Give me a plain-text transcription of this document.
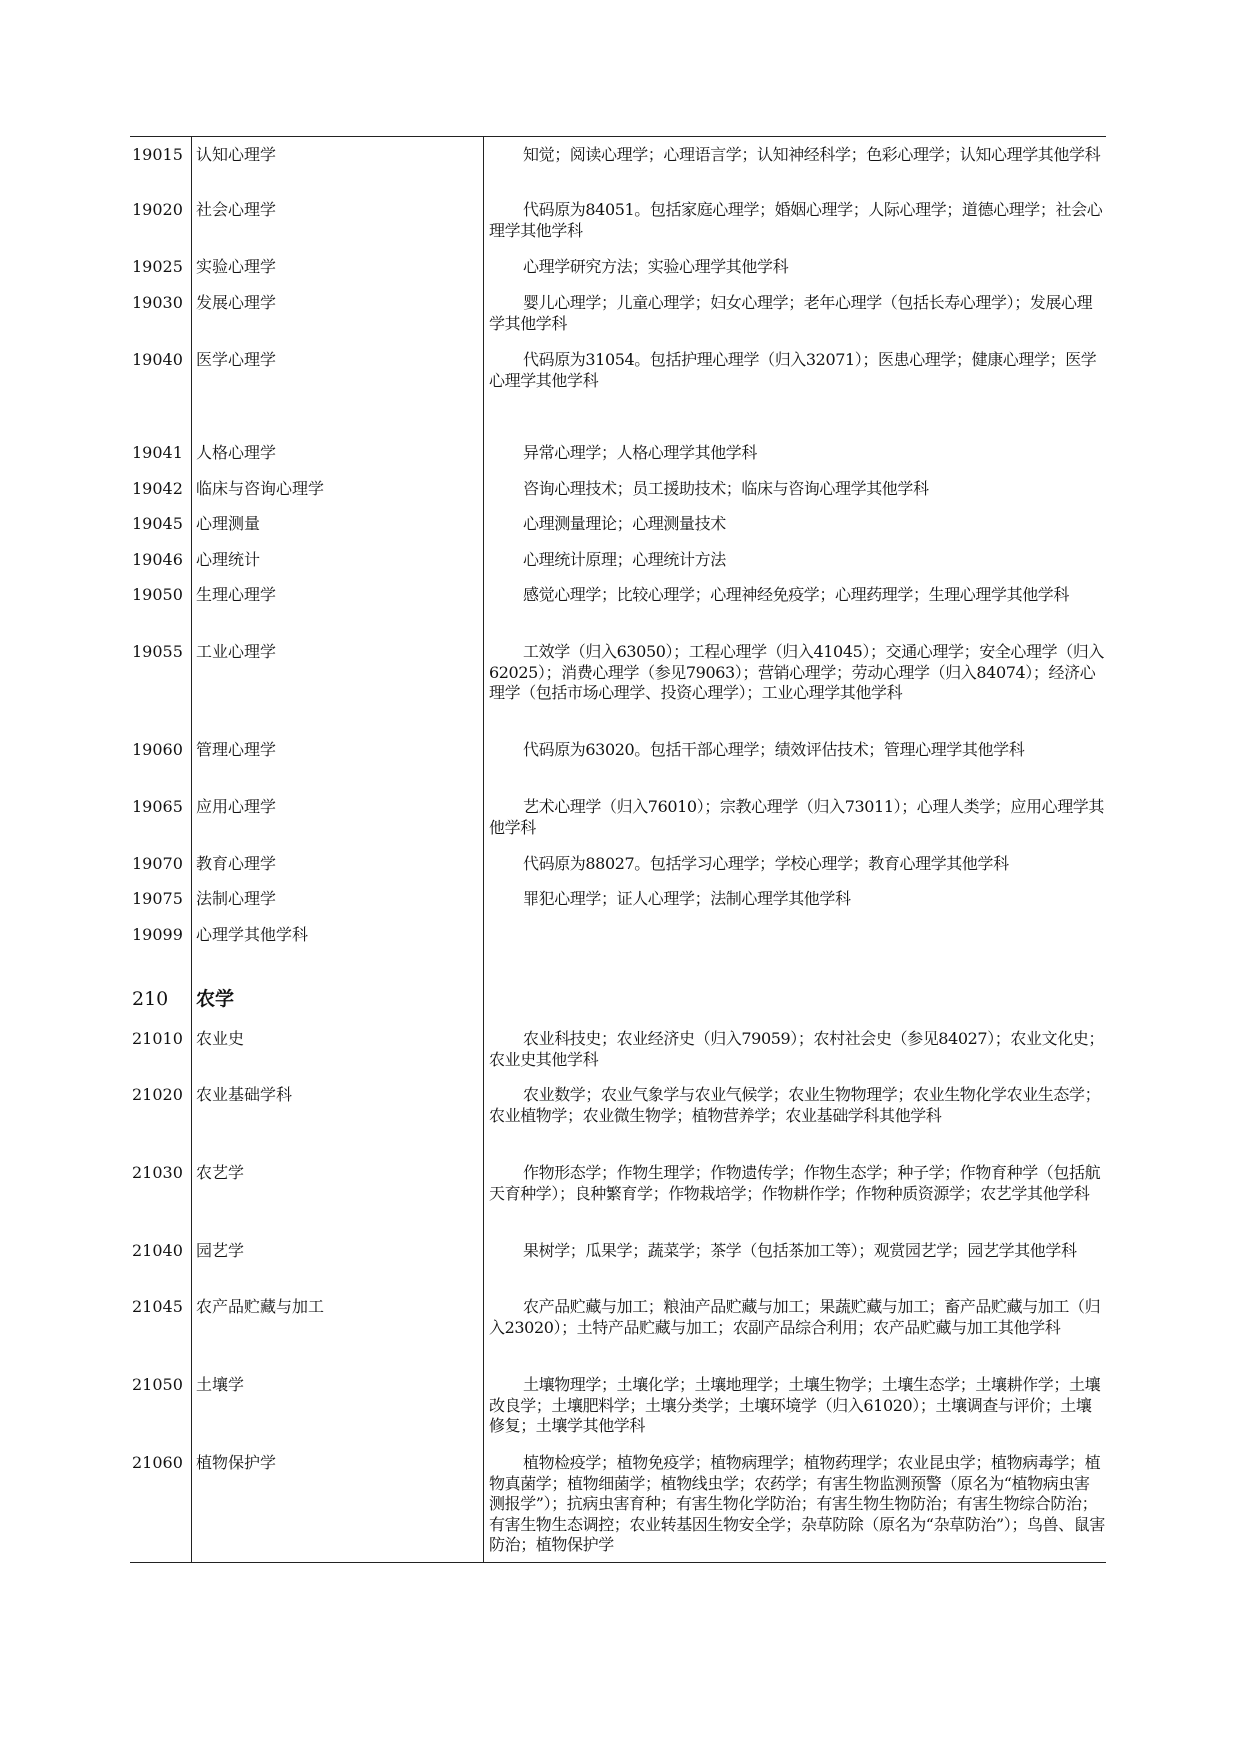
19015 认知心理学	知觉；阅读心理学；心理语言学；认知神经科学；色彩心理学；认知心理学其他学科
19020 社会心理学	代码原为84051。包括家庭心理学；婚姻心理学；人际心理学；道德心理学；社会心理学其他学科
19025 实验心理学	心理学研究方法；实验心理学其他学科
19030 发展心理学	婴儿心理学；儿童心理学；妇女心理学；老年心理学（包括长寿心理学）；发展心理学其他学科
19040 医学心理学	代码原为31054。包括护理心理学（归入32071）；医患心理学；健康心理学；医学心理学其他学科
19041 人格心理学	异常心理学；人格心理学其他学科
19042 临床与咨询心理学	咨询心理技术；员工援助技术；临床与咨询心理学其他学科
19045 心理测量	心理测量理论；心理测量技术
19046 心理统计	心理统计原理；心理统计方法
19050 生理心理学	感觉心理学；比较心理学；心理神经免疫学；心理药理学；生理心理学其他学科
19055 工业心理学	工效学（归入63050）；工程心理学（归入41045）；交通心理学；安全心理学（归入62025）；消费心理学（参见79063）；营销心理学；劳动心理学（归入84074）；经济心理学（包括市场心理学、投资心理学）；工业心理学其他学科
19060 管理心理学	代码原为63020。包括干部心理学；绩效评估技术；管理心理学其他学科
19065 应用心理学	艺术心理学（归入76010）；宗教心理学（归入73011）；心理人类学；应用心理学其他学科
19070 教育心理学	代码原为88027。包括学习心理学；学校心理学；教育心理学其他学科
19075 法制心理学	罪犯心理学；证人心理学；法制心理学其他学科
19099 心理学其他学科
210 农学
21010 农业史	农业科技史；农业经济史（归入79059）；农村社会史（参见84027）；农业文化史；农业史其他学科
21020 农业基础学科	农业数学；农业气象学与农业气候学；农业生物物理学；农业生物化学农业生态学；农业植物学；农业微生物学；植物营养学；农业基础学科其他学科
21030 农艺学	作物形态学；作物生理学；作物遗传学；作物生态学；种子学；作物育种学（包括航天育种学）；良种繁育学；作物栽培学；作物耕作学；作物种质资源学；农艺学其他学科
21040 园艺学	果树学；瓜果学；蔬菜学；茶学（包括茶加工等）；观赏园艺学；园艺学其他学科
21045 农产品贮藏与加工	农产品贮藏与加工；粮油产品贮藏与加工；果蔬贮藏与加工；畜产品贮藏与加工（归入23020）；土特产品贮藏与加工；农副产品综合利用；农产品贮藏与加工其他学科
21050 土壤学	土壤物理学；土壤化学；土壤地理学；土壤生物学；土壤生态学；土壤耕作学；土壤改良学；土壤肥料学；土壤分类学；土壤环境学（归入61020）；土壤调查与评价；土壤修复；土壤学其他学科
21060 植物保护学	植物检疫学；植物免疫学；植物病理学；植物药理学；农业昆虫学；植物病毒学；植物真菌学；植物细菌学；植物线虫学；农药学；有害生物监测预警（原名为“植物病虫害测报学”）；抗病虫害育种；有害生物化学防治；有害生物生物防治；有害生物综合防治；有害生物生态调控；农业转基因生物安全学；杂草防除（原名为“杂草防治”）；鸟兽、鼠害防治；植物保护学
